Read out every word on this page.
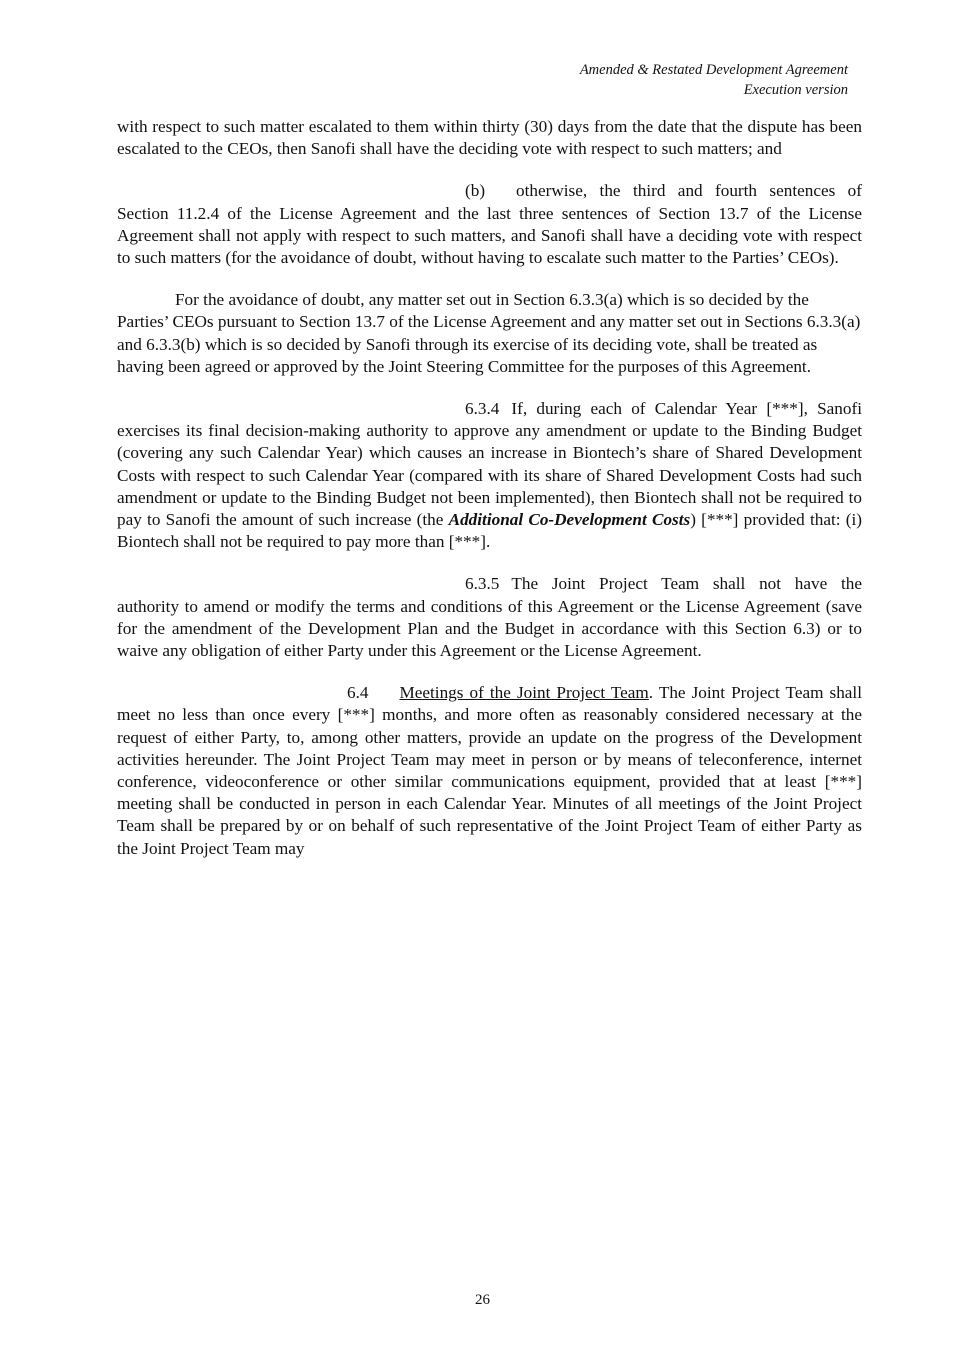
Amended & Restated Development Agreement
Execution version

with respect to such matter escalated to them within thirty (30) days from the date that the dispute has been escalated to the CEOs, then Sanofi shall have the deciding vote with respect to such matters; and

(b) otherwise, the third and fourth sentences of Section 11.2.4 of the License Agreement and the last three sentences of Section 13.7 of the License Agreement shall not apply with respect to such matters, and Sanofi shall have a deciding vote with respect to such matters (for the avoidance of doubt, without having to escalate such matter to the Parties’ CEOs).

For the avoidance of doubt, any matter set out in Section 6.3.3(a) which is so decided by the Parties’ CEOs pursuant to Section 13.7 of the License Agreement and any matter set out in Sections 6.3.3(a) and 6.3.3(b) which is so decided by Sanofi through its exercise of its deciding vote, shall be treated as having been agreed or approved by the Joint Steering Committee for the purposes of this Agreement.

6.3.4 If, during each of Calendar Year [***], Sanofi exercises its final decision-making authority to approve any amendment or update to the Binding Budget (covering any such Calendar Year) which causes an increase in Biontech’s share of Shared Development Costs with respect to such Calendar Year (compared with its share of Shared Development Costs had such amendment or update to the Binding Budget not been implemented), then Biontech shall not be required to pay to Sanofi the amount of such increase (the Additional Co-Development Costs) [***] provided that: (i) Biontech shall not be required to pay more than [***].

6.3.5 The Joint Project Team shall not have the authority to amend or modify the terms and conditions of this Agreement or the License Agreement (save for the amendment of the Development Plan and the Budget in accordance with this Section 6.3) or to waive any obligation of either Party under this Agreement or the License Agreement.

6.4 Meetings of the Joint Project Team. The Joint Project Team shall meet no less than once every [***] months, and more often as reasonably considered necessary at the request of either Party, to, among other matters, provide an update on the progress of the Development activities hereunder. The Joint Project Team may meet in person or by means of teleconference, internet conference, videoconference or other similar communications equipment, provided that at least [***] meeting shall be conducted in person in each Calendar Year. Minutes of all meetings of the Joint Project Team shall be prepared by or on behalf of such representative of the Joint Project Team of either Party as the Joint Project Team may

26
